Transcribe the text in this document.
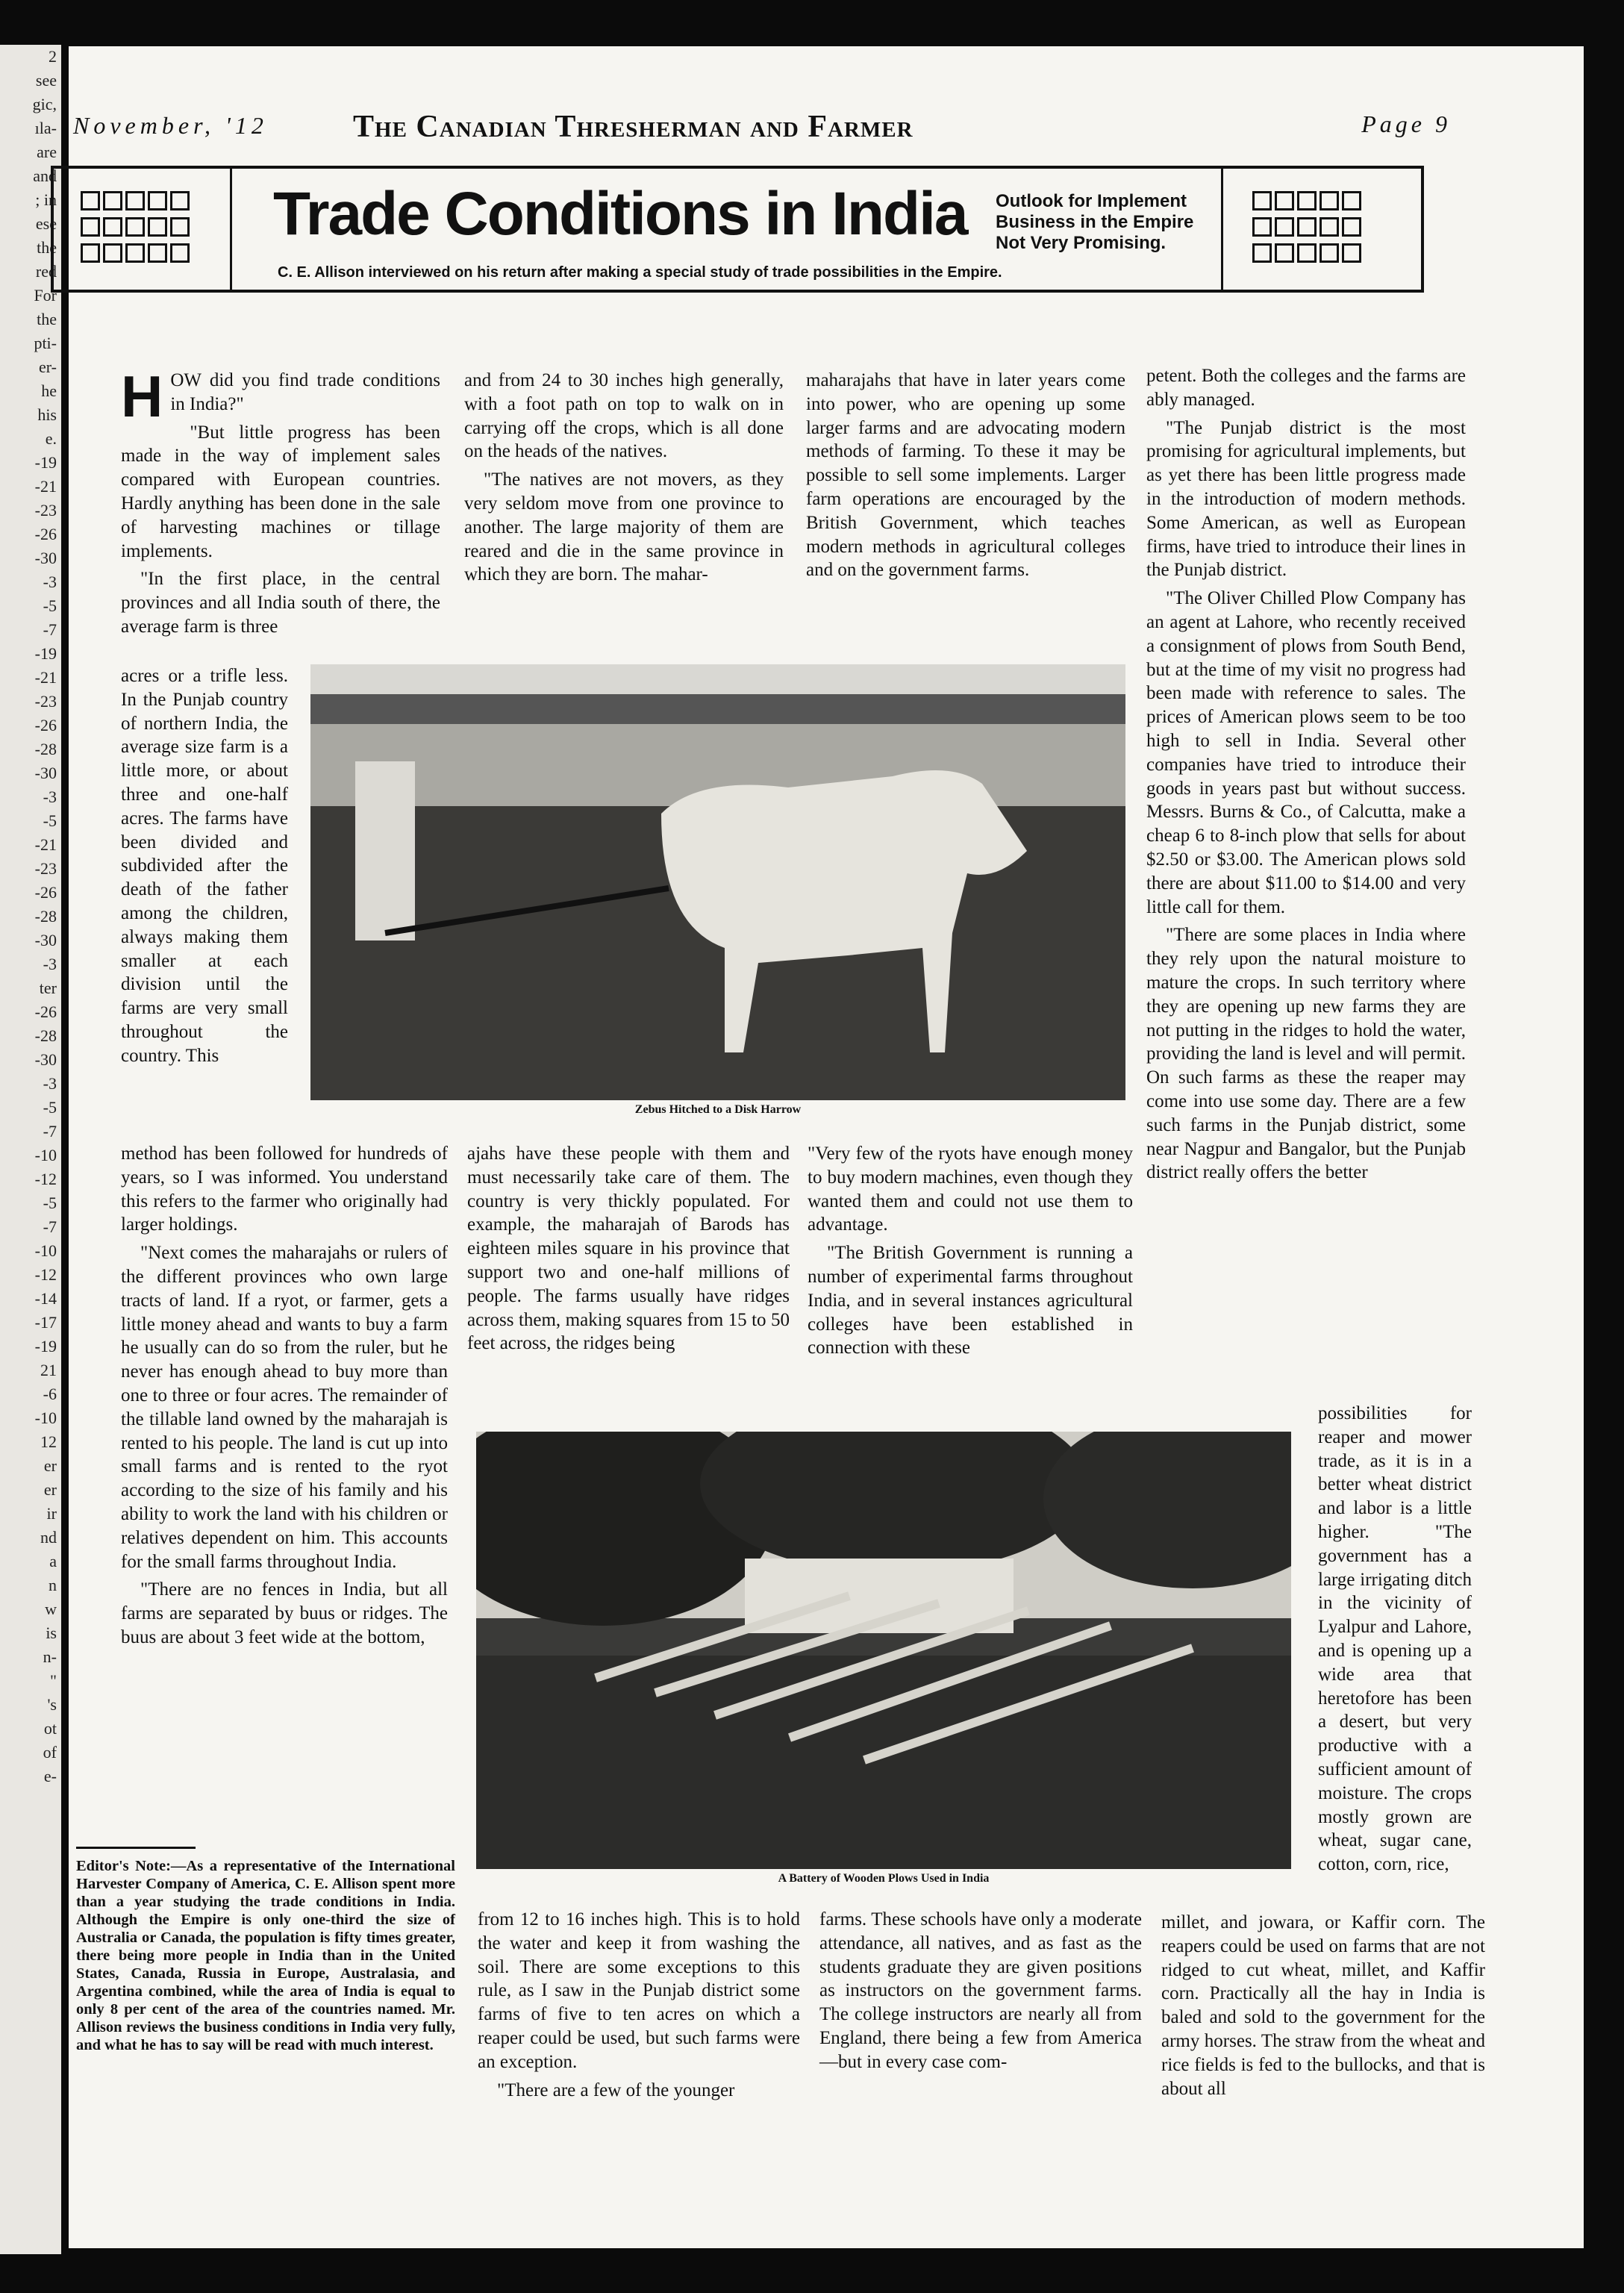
2
see
gic,
ıla-
are
and
; in
ese
the
red
For
the
pti-
er-
he
his
e.
-19
-21
-23
-26
-30
-3
-5
-7
-19
-21
-23
-26
-28
-30
-3
-5
-21
-23
-26
-28
-30
-3
ter
-26
-28
-30
-3
-5
-7
-10
-12
-5
-7
-10
-12
-14
-17
-19
21
-6
-10
12
er
er
ir
nd
a
n
w
is
n-
"
's
ot
of
e-
November, '12	The Canadian Thresherman and Farmer	Page 9

Trade Conditions in India Outlook for Implement
Business in the Empire
Not Very Promising.
C. E. Allison interviewed on his return after making a special study of trade possibilities in the Empire.

HOW did you find trade conditions in India?"

"But little progress has been made in the way of implement sales compared with European countries. Hardly anything has been done in the sale of harvesting machines or tillage implements.

"In the first place, in the central provinces and all India south of there, the average farm is three

acres or a trifle less. In the Punjab country of northern India, the average size farm is a little more, or about three and one-half acres. The farms have been divided and subdivided after the death of the father among the children, always making them smaller at each division until the farms are very small throughout the country. This

method has been followed for hundreds of years, so I was informed. You understand this refers to the farmer who originally had larger holdings.

"Next comes the maharajahs or rulers of the different provinces who own large tracts of land. If a ryot, or farmer, gets a little money ahead and wants to buy a farm he usually can do so from the ruler, but he never has enough ahead to buy more than one to three or four acres. The remainder of the tillable land owned by the maharajah is rented to his people. The land is cut up into small farms and is rented to the ryot according to the size of his family and his ability to work the land with his children or relatives dependent on him. This accounts for the small farms throughout India.

"There are no fences in India, but all farms are separated by buus or ridges. The buus are about 3 feet wide at the bottom,

and from 24 to 30 inches high generally, with a foot path on top to walk on in carrying off the crops, which is all done on the heads of the natives.

"The natives are not movers, as they very seldom move from one province to another. The large majority of them are reared and die in the same province in which they are born. The mahar-

maharajahs that have in later years come into power, who are opening up some larger farms and are advocating modern methods of farming. To these it may be possible to sell some implements. Larger farm operations are encouraged by the British Government, which teaches modern methods in agricultural colleges and on the government farms.

Zebus Hitched to a Disk Harrow

petent. Both the colleges and the farms are ably managed.

"The Punjab district is the most promising for agricultural implements, but as yet there has been little progress made in the introduction of modern methods. Some American, as well as European firms, have tried to introduce their lines in the Punjab district.

"The Oliver Chilled Plow Company has an agent at Lahore, who recently received a consignment of plows from South Bend, but at the time of my visit no progress had been made with reference to sales. The prices of American plows seem to be too high to sell in India. Several other companies have tried to introduce their goods in years past but without success. Messrs. Burns & Co., of Calcutta, make a cheap 6 to 8-inch plow that sells for about $2.50 or $3.00. The American plows sold there are about $11.00 to $14.00 and very little call for them.

"There are some places in India where they rely upon the natural moisture to mature the crops. In such territory where they are opening up new farms they are not putting in the ridges to hold the water, providing the land is level and will permit. On such farms as these the reaper may come into use some day. There are a few such farms in the Punjab district, some near Nagpur and Bangalor, but the Punjab district really offers the better

possibilities for reaper and mower trade, as it is in a better wheat district and labor is a little higher. "The government has a large irrigating ditch in the vicinity of Lyalpur and Lahore, and is opening up a wide area that heretofore has been a desert, but very productive with a sufficient amount of moisture. The crops mostly grown are wheat, sugar cane, cotton, corn, rice,

millet, and jowara, or Kaffir corn. The reapers could be used on farms that are not ridged to cut wheat, millet, and Kaffir corn. Practically all the hay in India is baled and sold to the government for the army horses. The straw from the wheat and rice fields is fed to the bullocks, and that is about all

ajahs have these people with them and must necessarily take care of them. The country is very thickly populated. For example, the maharajah of Barods has eighteen miles square in his province that support two and one-half millions of people. The farms usually have ridges across them, making squares from 15 to 50 feet across, the ridges being

"Very few of the ryots have enough money to buy modern machines, even though they wanted them and could not use them to advantage.

"The British Government is running a number of experimental farms throughout India, and in several instances agricultural colleges have been established in connection with these

A Battery of Wooden Plows Used in India

from 12 to 16 inches high. This is to hold the water and keep it from washing the soil. There are some exceptions to this rule, as I saw in the Punjab district some farms of five to ten acres on which a reaper could be used, but such farms were an exception.

"There are a few of the younger

farms. These schools have only a moderate attendance, all natives, and as fast as the students graduate they are given positions as instructors on the government farms. The college instructors are nearly all from England, there being a few from America—but in every case com-

Editor's Note:—As a representative of the International Harvester Company of America, C. E. Allison spent more than a year studying the trade conditions in India. Although the Empire is only one-third the size of Australia or Canada, the population is fifty times greater, there being more people in India than in the United States, Canada, Russia in Europe, Australasia, and Argentina combined, while the area of India is equal to only 8 per cent of the area of the countries named. Mr. Allison reviews the business conditions in India very fully, and what he has to say will be read with much interest.
